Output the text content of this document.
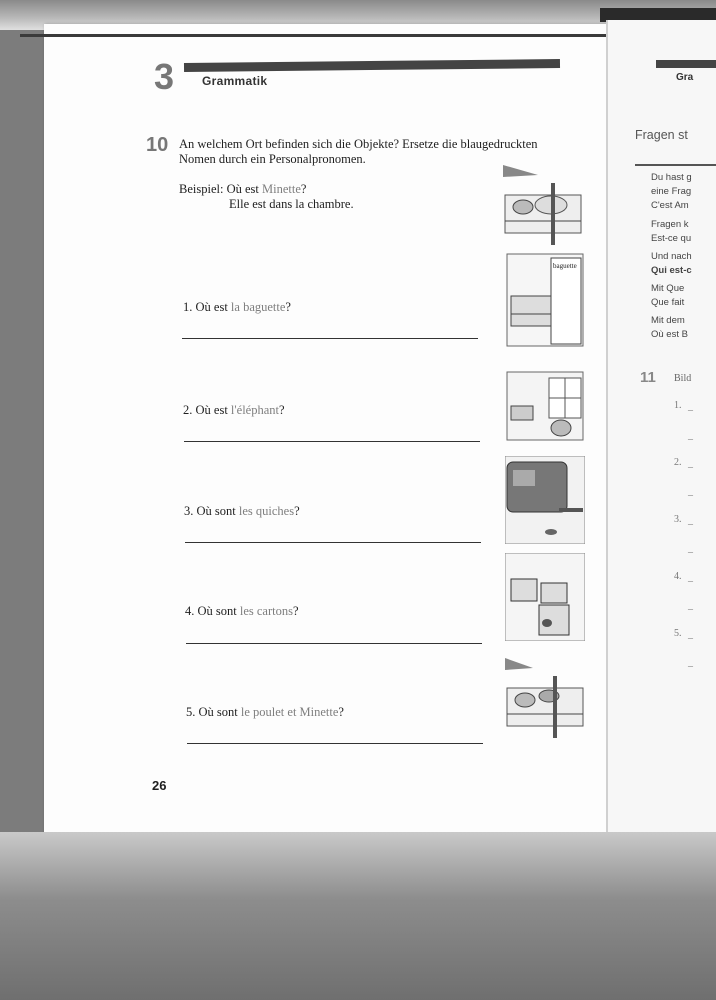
Gra
Fragen st
Du hast g
eine Frag
C'est Am
Fragen k
Est-ce qu
Und nach
Qui est-c
Mit Que
Que fait
Mit dem
Où est B
11 Bild
1.
2.
3.
4.
5.
_
_
_
_
_
_
_
_
_
_
3 Grammatik
10 An welchem Ort befinden sich die Objekte? Ersetze die blaugedruckten Nomen durch ein Personalpronomen.
Beispiel: Où est Minette?
Elle est dans la chambre.
1. Où est la baguette?
2. Où est l'éléphant?
3. Où sont les quiches?
4. Où sont les cartons?
5. Où sont le poulet et Minette?
baguette
26
